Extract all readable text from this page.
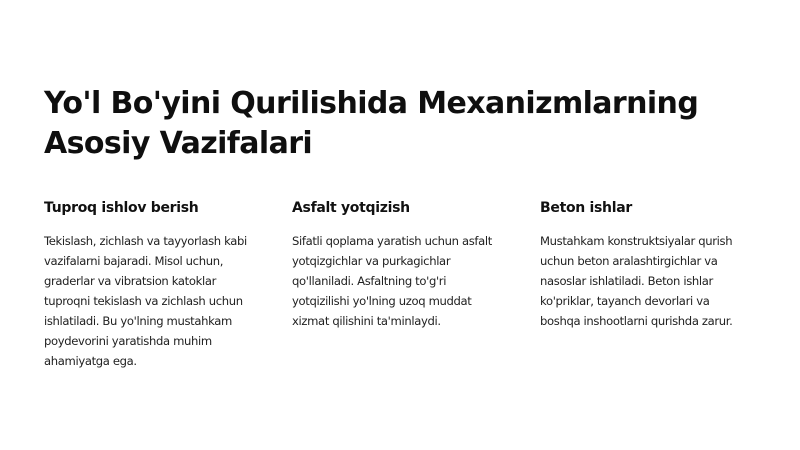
Yo'l Bo'yini Qurilishida Mexanizmlarning Asosiy Vazifalari
Tuproq ishlov berish

Tekislash, zichlash va tayyorlash kabi vazifalarni bajaradi. Misol uchun, graderlar va vibratsion katoklar tuproqni tekislash va zichlash uchun ishlatiladi. Bu yo'lning mustahkam poydevorini yaratishda muhim ahamiyatga ega.

Asfalt yotqizish

Sifatli qoplama yaratish uchun asfalt yotqizgichlar va purkagichlar qo'llaniladi. Asfaltning to'g'ri yotqizilishi yo'lning uzoq muddat xizmat qilishini ta'minlaydi.

Beton ishlar

Mustahkam konstruktsiyalar qurish uchun beton aralashtirgichlar va nasoslar ishlatiladi. Beton ishlar ko'priklar, tayanch devorlari va boshqa inshootlarni qurishda zarur.
